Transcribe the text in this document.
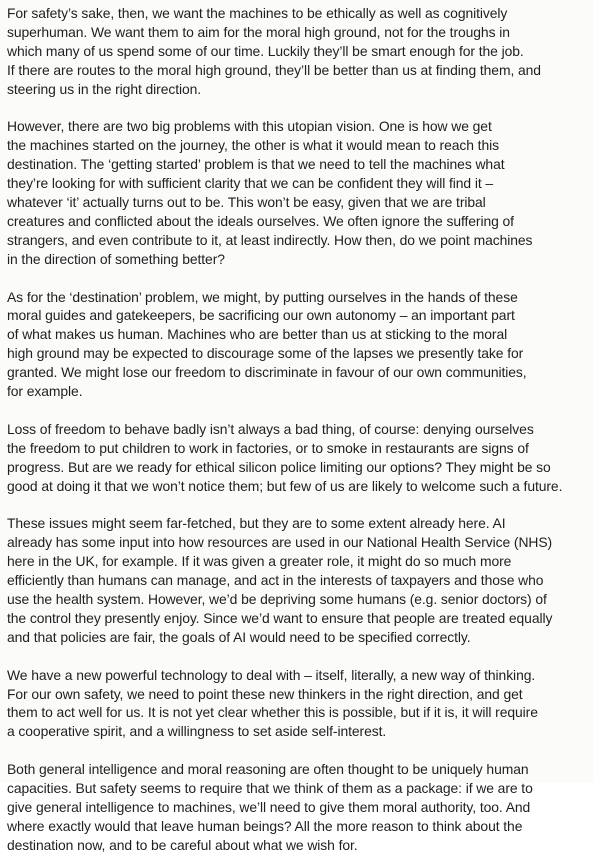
For safety’s sake, then, we want the machines to be ethically as well as cognitively
superhuman. We want them to aim for the moral high ground, not for the troughs in
which many of us spend some of our time. Luckily they’ll be smart enough for the job.
If there are routes to the moral high ground, they’ll be better than us at finding them, and
steering us in the right direction.

However, there are two big problems with this utopian vision. One is how we get
the machines started on the journey, the other is what it would mean to reach this
destination. The ‘getting started’ problem is that we need to tell the machines what
they’re looking for with sufficient clarity that we can be confident they will find it –
whatever ‘it’ actually turns out to be. This won’t be easy, given that we are tribal
creatures and conflicted about the ideals ourselves. We often ignore the suffering of
strangers, and even contribute to it, at least indirectly. How then, do we point machines
in the direction of something better?

As for the ‘destination’ problem, we might, by putting ourselves in the hands of these
moral guides and gatekeepers, be sacrificing our own autonomy – an important part
of what makes us human. Machines who are better than us at sticking to the moral
high ground may be expected to discourage some of the lapses we presently take for
granted. We might lose our freedom to discriminate in favour of our own communities,
for example.

Loss of freedom to behave badly isn’t always a bad thing, of course: denying ourselves
the freedom to put children to work in factories, or to smoke in restaurants are signs of
progress. But are we ready for ethical silicon police limiting our options? They might be so
good at doing it that we won’t notice them; but few of us are likely to welcome such a future.

These issues might seem far-fetched, but they are to some extent already here. AI
already has some input into how resources are used in our National Health Service (NHS)
here in the UK, for example. If it was given a greater role, it might do so much more
efficiently than humans can manage, and act in the interests of taxpayers and those who
use the health system. However, we’d be depriving some humans (e.g. senior doctors) of
the control they presently enjoy. Since we’d want to ensure that people are treated equally
and that policies are fair, the goals of AI would need to be specified correctly.

We have a new powerful technology to deal with – itself, literally, a new way of thinking.
For our own safety, we need to point these new thinkers in the right direction, and get
them to act well for us. It is not yet clear whether this is possible, but if it is, it will require
a cooperative spirit, and a willingness to set aside self-interest.

Both general intelligence and moral reasoning are often thought to be uniquely human
capacities. But safety seems to require that we think of them as a package: if we are to
give general intelligence to machines, we’ll need to give them moral authority, too. And
where exactly would that leave human beings? All the more reason to think about the
destination now, and to be careful about what we wish for.
